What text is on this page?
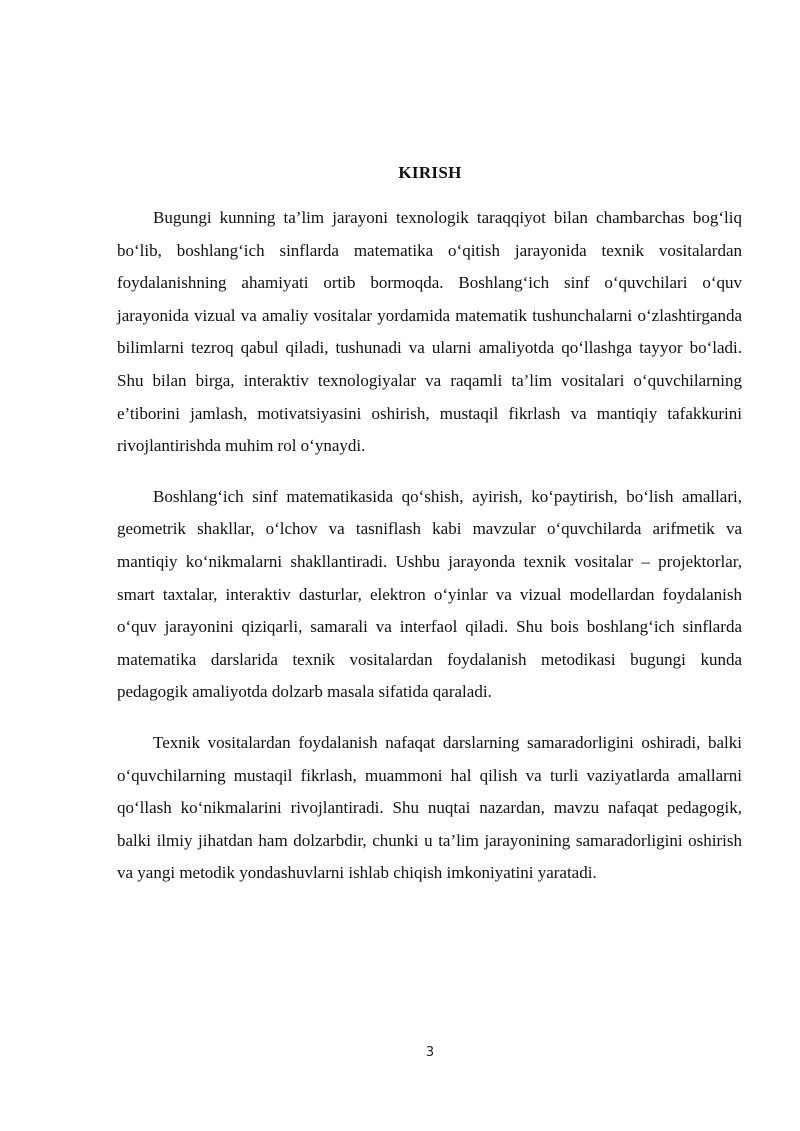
KIRISH

Bugungi kunning ta’lim jarayoni texnologik taraqqiyot bilan chambarchas bog‘liq bo‘lib, boshlang‘ich sinflarda matematika o‘qitish jarayonida texnik vositalardan foydalanishning ahamiyati ortib bormoqda. Boshlang‘ich sinf o‘quvchilari o‘quv jarayonida vizual va amaliy vositalar yordamida matematik tushunchalarni o‘zlashtirganda bilimlarni tezroq qabul qiladi, tushunadi va ularni amaliyotda qo‘llashga tayyor bo‘ladi. Shu bilan birga, interaktiv texnologiyalar va raqamli ta’lim vositalari o‘quvchilarning e’tiborini jamlash, motivatsiyasini oshirish, mustaqil fikrlash va mantiqiy tafakkurini rivojlantirishda muhim rol o‘ynaydi.

Boshlang‘ich sinf matematikasida qo‘shish, ayirish, ko‘paytirish, bo‘lish amallari, geometrik shakllar, o‘lchov va tasniflash kabi mavzular o‘quvchilarda arifmetik va mantiqiy ko‘nikmalarni shakllantiradi. Ushbu jarayonda texnik vositalar – projektorlar, smart taxtalar, interaktiv dasturlar, elektron o‘yinlar va vizual modellardan foydalanish o‘quv jarayonini qiziqarli, samarali va interfaol qiladi. Shu bois boshlang‘ich sinflarda matematika darslarida texnik vositalardan foydalanish metodikasi bugungi kunda pedagogik amaliyotda dolzarb masala sifatida qaraladi.

Texnik vositalardan foydalanish nafaqat darslarning samaradorligini oshiradi, balki o‘quvchilarning mustaqil fikrlash, muammoni hal qilish va turli vaziyatlarda amallarni qo‘llash ko‘nikmalarini rivojlantiradi. Shu nuqtai nazardan, mavzu nafaqat pedagogik, balki ilmiy jihatdan ham dolzarbdir, chunki u ta’lim jarayonining samaradorligini oshirish va yangi metodik yondashuvlarni ishlab chiqish imkoniyatini yaratadi.

3
